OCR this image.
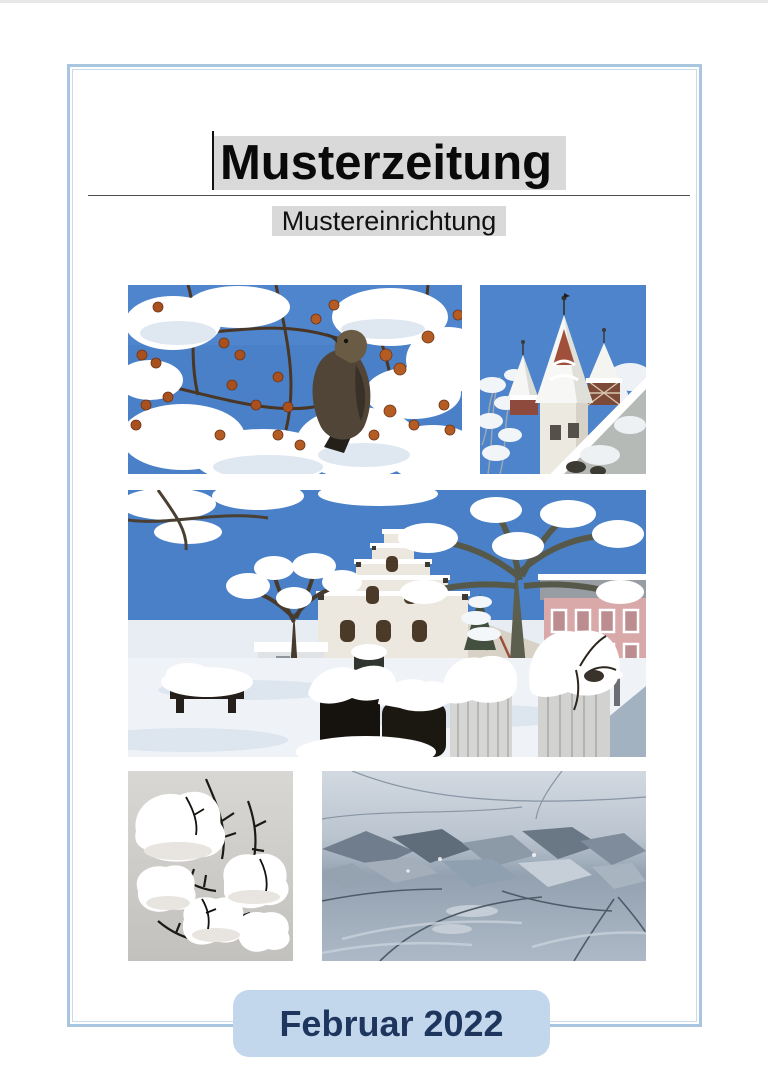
Musterzeitung
Mustereinrichtung
Februar 2022
